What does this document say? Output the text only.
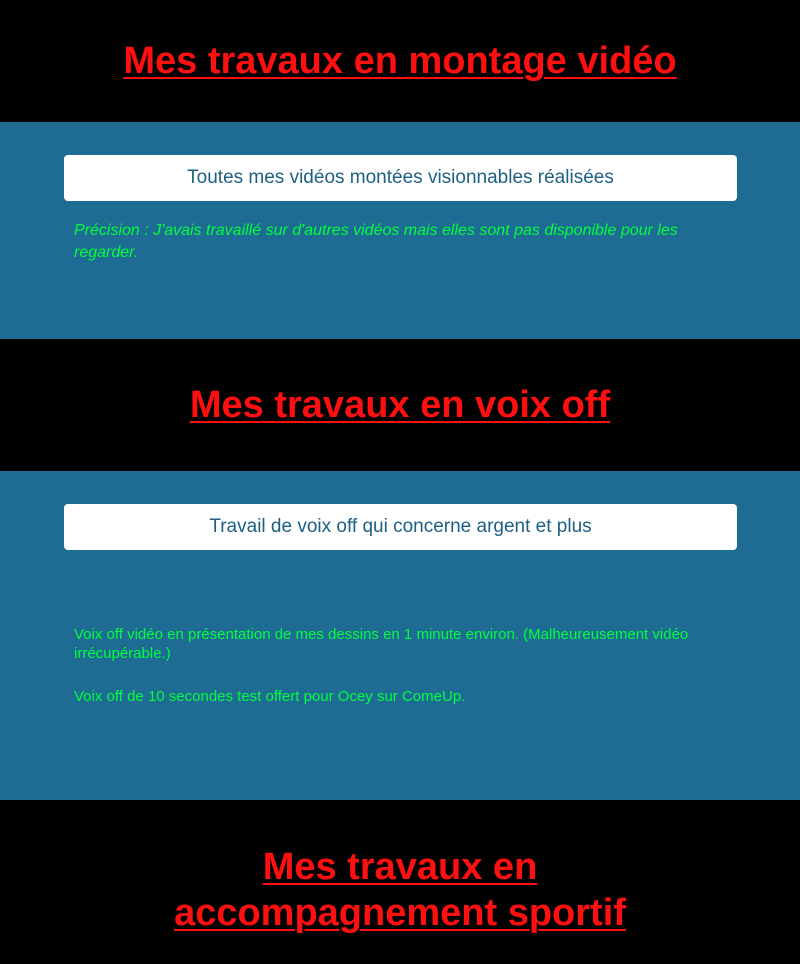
Mes travaux en montage vidéo
Toutes mes vidéos montées visionnables réalisées

Précision : J'avais travaillé sur d'autres vidéos mais elles sont pas disponible pour les regarder.

Mes travaux en voix off
Travail de voix off qui concerne argent et plus

Voix off vidéo en présentation de mes dessins en 1 minute environ. (Malheureusement vidéo irrécupérable.)

Voix off de 10 secondes test offert pour Ocey sur ComeUp.

Mes travaux en accompagnement sportif
